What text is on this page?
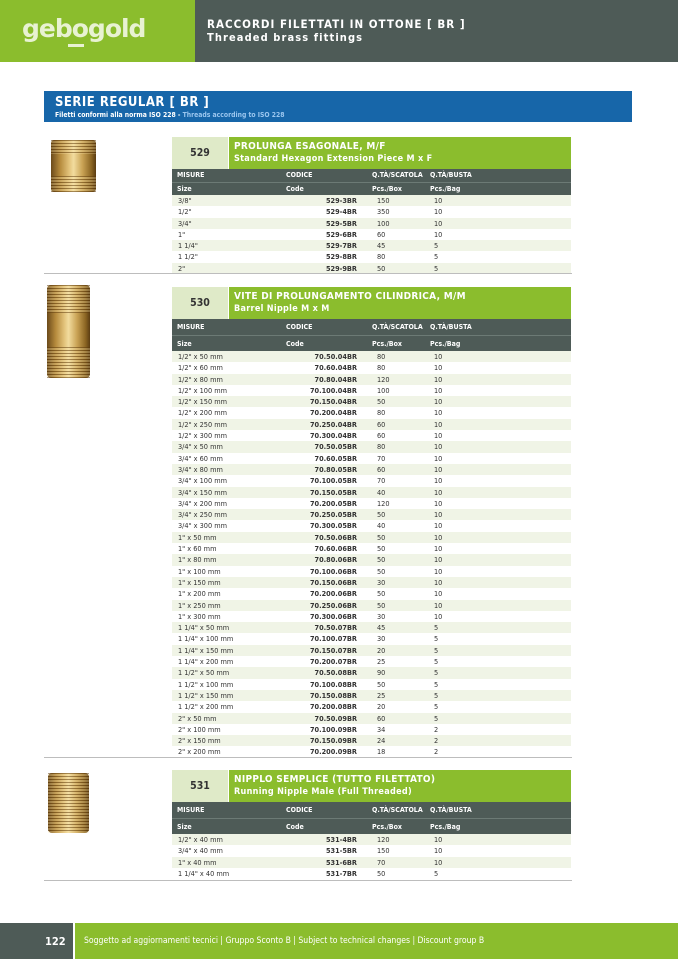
gebogold	RACCORDI FILETTATI IN OTTONE [ BR ]
Threaded brass fittings
SERIE REGULAR [ BR ]
Filetti conformi alla norma ISO 228 - Threads according to ISO 228
529
PROLUNGA ESAGONALE, M/F
Standard Hexagon Extension Piece M x F
MISURE	CODICE	Q.TÀ/SCATOLA	Q.TÀ/BUSTA
Size	Code	Pcs./Box	Pcs./Bag
3/8"	529-3BR	150	10
1/2"	529-4BR	350	10
3/4"	529-5BR	100	10
1"	529-6BR	60	10
1 1/4"	529-7BR	45	5
1 1/2"	529-8BR	80	5
2"	529-9BR	50	5
530
VITE DI PROLUNGAMENTO CILINDRICA, M/M
Barrel Nipple M x M
MISURE	CODICE	Q.TÀ/SCATOLA	Q.TÀ/BUSTA
Size	Code	Pcs./Box	Pcs./Bag
1/2" x 50 mm	70.50.04BR	80	10
1/2" x 60 mm	70.60.04BR	80	10
1/2" x 80 mm	70.80.04BR	120	10
1/2" x 100 mm	70.100.04BR	100	10
1/2" x 150 mm	70.150.04BR	50	10
1/2" x 200 mm	70.200.04BR	80	10
1/2" x 250 mm	70.250.04BR	60	10
1/2" x 300 mm	70.300.04BR	60	10
3/4" x 50 mm	70.50.05BR	80	10
3/4" x 60 mm	70.60.05BR	70	10
3/4" x 80 mm	70.80.05BR	60	10
3/4" x 100 mm	70.100.05BR	70	10
3/4" x 150 mm	70.150.05BR	40	10
3/4" x 200 mm	70.200.05BR	120	10
3/4" x 250 mm	70.250.05BR	50	10
3/4" x 300 mm	70.300.05BR	40	10
1" x 50 mm	70.50.06BR	50	10
1" x 60 mm	70.60.06BR	50	10
1" x 80 mm	70.80.06BR	50	10
1" x 100 mm	70.100.06BR	50	10
1" x 150 mm	70.150.06BR	30	10
1" x 200 mm	70.200.06BR	50	10
1" x 250 mm	70.250.06BR	50	10
1" x 300 mm	70.300.06BR	30	10
1 1/4" x 50 mm	70.50.07BR	45	5
1 1/4" x 100 mm	70.100.07BR	30	5
1 1/4" x 150 mm	70.150.07BR	20	5
1 1/4" x 200 mm	70.200.07BR	25	5
1 1/2" x 50 mm	70.50.08BR	90	5
1 1/2" x 100 mm	70.100.08BR	50	5
1 1/2" x 150 mm	70.150.08BR	25	5
1 1/2" x 200 mm	70.200.08BR	20	5
2" x 50 mm	70.50.09BR	60	5
2" x 100 mm	70.100.09BR	34	2
2" x 150 mm	70.150.09BR	24	2
2" x 200 mm	70.200.09BR	18	2
531
NIPPLO SEMPLICE (TUTTO FILETTATO)
Running Nipple Male (Full Threaded)
MISURE	CODICE	Q.TÀ/SCATOLA	Q.TÀ/BUSTA
Size	Code	Pcs./Box	Pcs./Bag
1/2" x 40 mm	531-4BR	120	10
3/4" x 40 mm	531-5BR	150	10
1" x 40 mm	531-6BR	70	10
1 1/4" x 40 mm	531-7BR	50	5
122 Soggetto ad aggiornamenti tecnici | Gruppo Sconto B | Subject to technical changes | Discount group B
